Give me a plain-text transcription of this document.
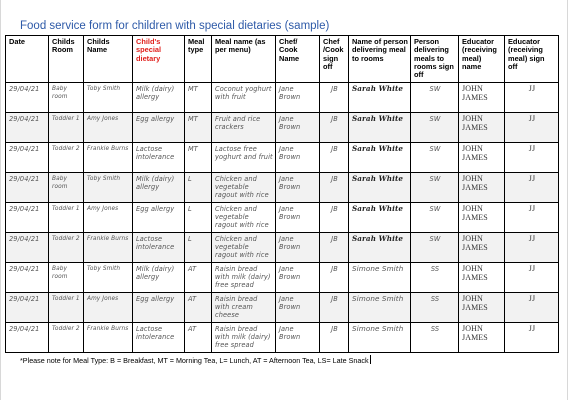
Food service form for children with special dietaries (sample)
Date	Childs Room	Childs Name	Child's special dietary	Meal type	Meal name (as per menu)	Chef/ Cook Name	Chef /Cook sign off	Name of person delivering meal to rooms	Person delivering meals to rooms sign off	Educator (receiving meal) name	Educator (receiving meal) sign off
29/04/21	Baby room	Toby Smith	Milk (dairy) allergy	MT	Coconut yoghurt with fruit	Jane Brown	JB	Sarah White	SW	JOHN JAMES	JJ
29/04/21	Toddler 1	Amy Jones	Egg allergy	MT	Fruit and rice crackers	Jane Brown	JB	Sarah White	SW	JOHN JAMES	JJ
29/04/21	Toddler 2	Frankie Burns	Lactose intolerance	MT	Lactose free yoghurt and fruit	Jane Brown	JB	Sarah White	SW	JOHN JAMES	JJ
29/04/21	Baby room	Toby Smith	Milk (dairy) allergy	L	Chicken and vegetable ragout with rice	Jane Brown	JB	Sarah White	SW	JOHN JAMES	JJ
29/04/21	Toddler 1	Amy Jones	Egg allergy	L	Chicken and vegetable ragout with rice	Jane Brown	JB	Sarah White	SW	JOHN JAMES	JJ
29/04/21	Toddler 2	Frankie Burns	Lactose intolerance	L	Chicken and vegetable ragout with rice	Jane Brown	JB	Sarah White	SW	JOHN JAMES	JJ
29/04/21	Baby room	Toby Smith	Milk (dairy) allergy	AT	Raisin bread with milk (dairy) free spread	Jane Brown	JB	Simone Smith	SS	JOHN JAMES	JJ
29/04/21	Toddler 1	Amy Jones	Egg allergy	AT	Raisin bread with cream cheese	Jane Brown	JB	Simone Smith	SS	JOHN JAMES	JJ
29/04/21	Toddler 2	Frankie Burns	Lactose intolerance	AT	Raisin bread with milk (dairy) free spread	Jane Brown	JB	Simone Smith	SS	JOHN JAMES	JJ
*Please note for Meal Type: B = Breakfast, MT = Morning Tea, L= Lunch, AT = Afternoon Tea, LS= Late Snack
